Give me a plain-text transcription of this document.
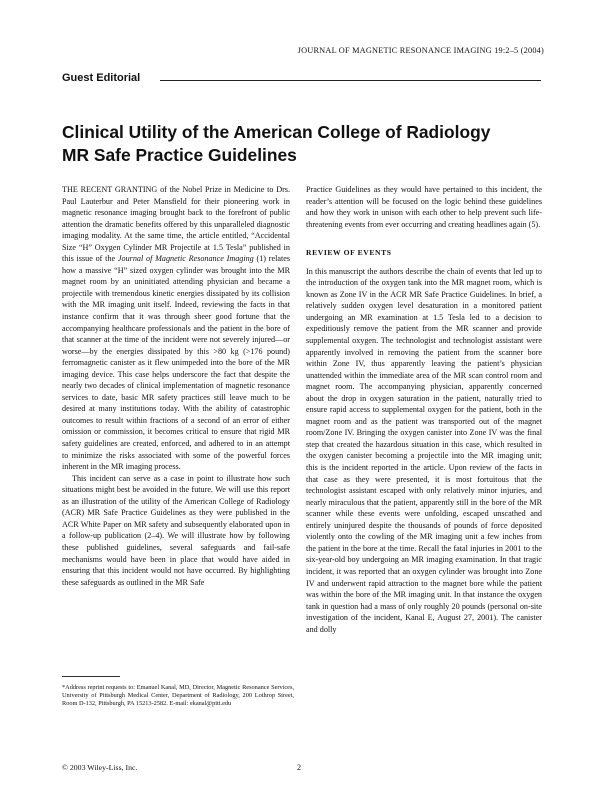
JOURNAL OF MAGNETIC RESONANCE IMAGING 19:2–5 (2004)
Guest Editorial
Clinical Utility of the American College of Radiology
MR Safe Practice Guidelines

THE RECENT GRANTING of the Nobel Prize in Medicine to Drs. Paul Lauterbur and Peter Mansfield for their pioneering work in magnetic resonance imaging brought back to the forefront of public attention the dramatic benefits offered by this unparalleled diagnostic imaging modality. At the same time, the article entitled, “Accidental Size “H” Oxygen Cylinder MR Projectile at 1.5 Tesla” published in this issue of the Journal of Magnetic Resonance Imaging (1) relates how a massive “H” sized oxygen cylinder was brought into the MR magnet room by an uninitiated attending physician and became a projectile with tremendous kinetic energies dissipated by its collision with the MR imaging unit itself. Indeed, reviewing the facts in that instance confirm that it was through sheer good fortune that the accompanying healthcare professionals and the patient in the bore of that scanner at the time of the incident were not severely injured—or worse—by the energies dissipated by this >80 kg (>176 pound) ferromagnetic canister as it flew unimpeded into the bore of the MR imaging device. This case helps underscore the fact that despite the nearly two decades of clinical implementation of magnetic resonance services to date, basic MR safety practices still leave much to be desired at many institutions today. With the ability of catastrophic outcomes to result within fractions of a second of an error of either omission or commission, it becomes critical to ensure that rigid MR safety guidelines are created, enforced, and adhered to in an attempt to minimize the risks associated with some of the powerful forces inherent in the MR imaging process.

This incident can serve as a case in point to illustrate how such situations might best be avoided in the future. We will use this report as an illustration of the utility of the American College of Radiology (ACR) MR Safe Practice Guidelines as they were published in the ACR White Paper on MR safety and subsequently elaborated upon in a follow-up publication (2–4). We will illustrate how by following these published guidelines, several safeguards and fail-safe mechanisms would have been in place that would have aided in ensuring that this incident would not have occurred. By highlighting these safeguards as outlined in the MR Safe

Practice Guidelines as they would have pertained to this incident, the reader’s attention will be focused on the logic behind these guidelines and how they work in unison with each other to help prevent such life-threatening events from ever occurring and creating headlines again (5).

REVIEW OF EVENTS

In this manuscript the authors describe the chain of events that led up to the introduction of the oxygen tank into the MR magnet room, which is known as Zone IV in the ACR MR Safe Practice Guidelines. In brief, a relatively sudden oxygen level desaturation in a monitored patient undergoing an MR examination at 1.5 Tesla led to a decision to expeditiously remove the patient from the MR scanner and provide supplemental oxygen. The technologist and technologist assistant were apparently involved in removing the patient from the scanner bore within Zone IV, thus apparently leaving the patient’s physician unattended within the immediate area of the MR scan control room and magnet room. The accompanying physician, apparently concerned about the drop in oxygen saturation in the patient, naturally tried to ensure rapid access to supplemental oxygen for the patient, both in the magnet room and as the patient was transported out of the magnet room/Zone IV. Bringing the oxygen canister into Zone IV was the final step that created the hazardous situation in this case, which resulted in the oxygen canister becoming a projectile into the MR imaging unit; this is the incident reported in the article. Upon review of the facts in that case as they were presented, it is most fortuitous that the technologist assistant escaped with only relatively minor injuries, and nearly miraculous that the patient, apparently still in the bore of the MR scanner while these events were unfolding, escaped unscathed and entirely uninjured despite the thousands of pounds of force deposited violently onto the cowling of the MR imaging unit a few inches from the patient in the bore at the time. Recall the fatal injuries in 2001 to the six-year-old boy undergoing an MR imaging examination. In that tragic incident, it was reported that an oxygen cylinder was brought into Zone IV and underwent rapid attraction to the magnet bore while the patient was within the bore of the MR imaging unit. In that instance the oxygen tank in question had a mass of only roughly 20 pounds (personal on-site investigation of the incident, Kanal E, August 27, 2001). The canister and dolly

*Address reprint requests to: Emanuel Kanal, MD, Director, Magnetic Resonance Services, University of Pittsburgh Medical Center, Department of Radiology, 200 Lothrop Street, Room D-132, Pittsburgh, PA 15213-2582. E-mail: ekanal@pitt.edu

© 2003 Wiley-Liss, Inc.	2
